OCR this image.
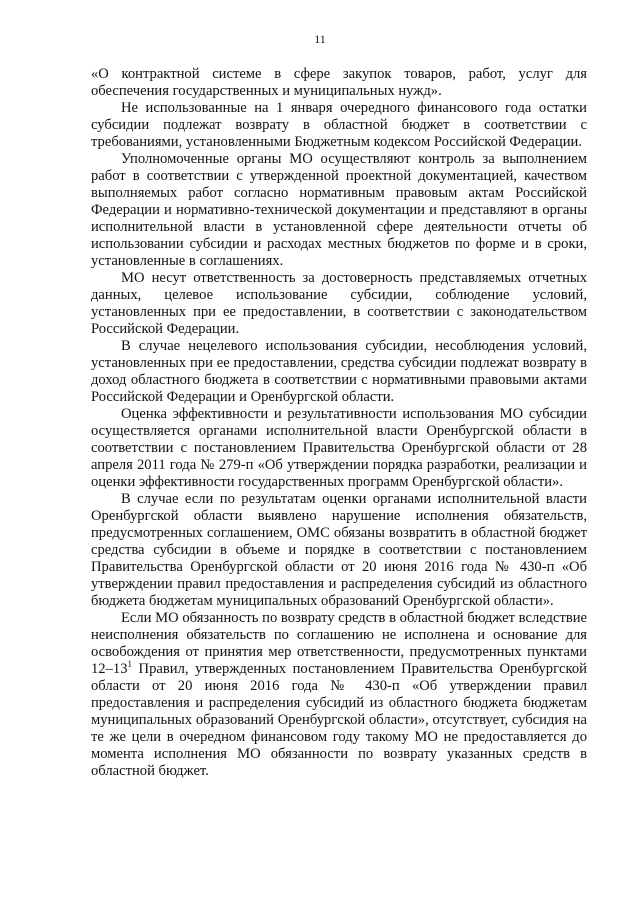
11

«О контрактной системе в сфере закупок товаров, работ, услуг для обеспечения государственных и муниципальных нужд».

Не использованные на 1 января очередного финансового года остатки субсидии подлежат возврату в областной бюджет в соответствии с требованиями, установленными Бюджетным кодексом Российской Федерации.

Уполномоченные органы МО осуществляют контроль за выполнением работ в соответствии с утвержденной проектной документацией, качеством выполняемых работ согласно нормативным правовым актам Российской Федерации и нормативно-технической документации и представляют в органы исполнительной власти в установленной сфере деятельности отчеты об использовании субсидии и расходах местных бюджетов по форме и в сроки, установленные в соглашениях.

МО несут ответственность за достоверность представляемых отчетных данных, целевое использование субсидии, соблюдение условий, установленных при ее предоставлении, в соответствии с законодательством Российской Федерации.

В случае нецелевого использования субсидии, несоблюдения условий, установленных при ее предоставлении, средства субсидии подлежат возврату в доход областного бюджета в соответствии с нормативными правовыми актами Российской Федерации и Оренбургской области.

Оценка эффективности и результативности использования МО субсидии осуществляется органами исполнительной власти Оренбургской области в соответствии с постановлением Правительства Оренбургской области от 28 апреля 2011 года № 279-п «Об утверждении порядка разработки, реализации и оценки эффективности государственных программ Оренбургской области».

В случае если по результатам оценки органами исполнительной власти Оренбургской области выявлено нарушение исполнения обязательств, предусмотренных соглашением, ОМС обязаны возвратить в областной бюджет средства субсидии в объеме и порядке в соответствии с постановлением Правительства Оренбургской области от 20 июня 2016 года № 430-п «Об утверждении правил предоставления и распределения субсидий из областного бюджета бюджетам муниципальных образований Оренбургской области».

Если МО обязанность по возврату средств в областной бюджет вследствие неисполнения обязательств по соглашению не исполнена и основание для освобождения от принятия мер ответственности, предусмотренных пунктами $12-13^1$ Правил, утвержденных постановлением Правительства Оренбургской области от 20 июня 2016 года № 430-п «Об утверждении правил предоставления и распределения субсидий из областного бюджета бюджетам муниципальных образований Оренбургской области», отсутствует, субсидия на те же цели в очередном финансовом году такому МО не предоставляется до момента исполнения МО обязанности по возврату указанных средств в областной бюджет.
